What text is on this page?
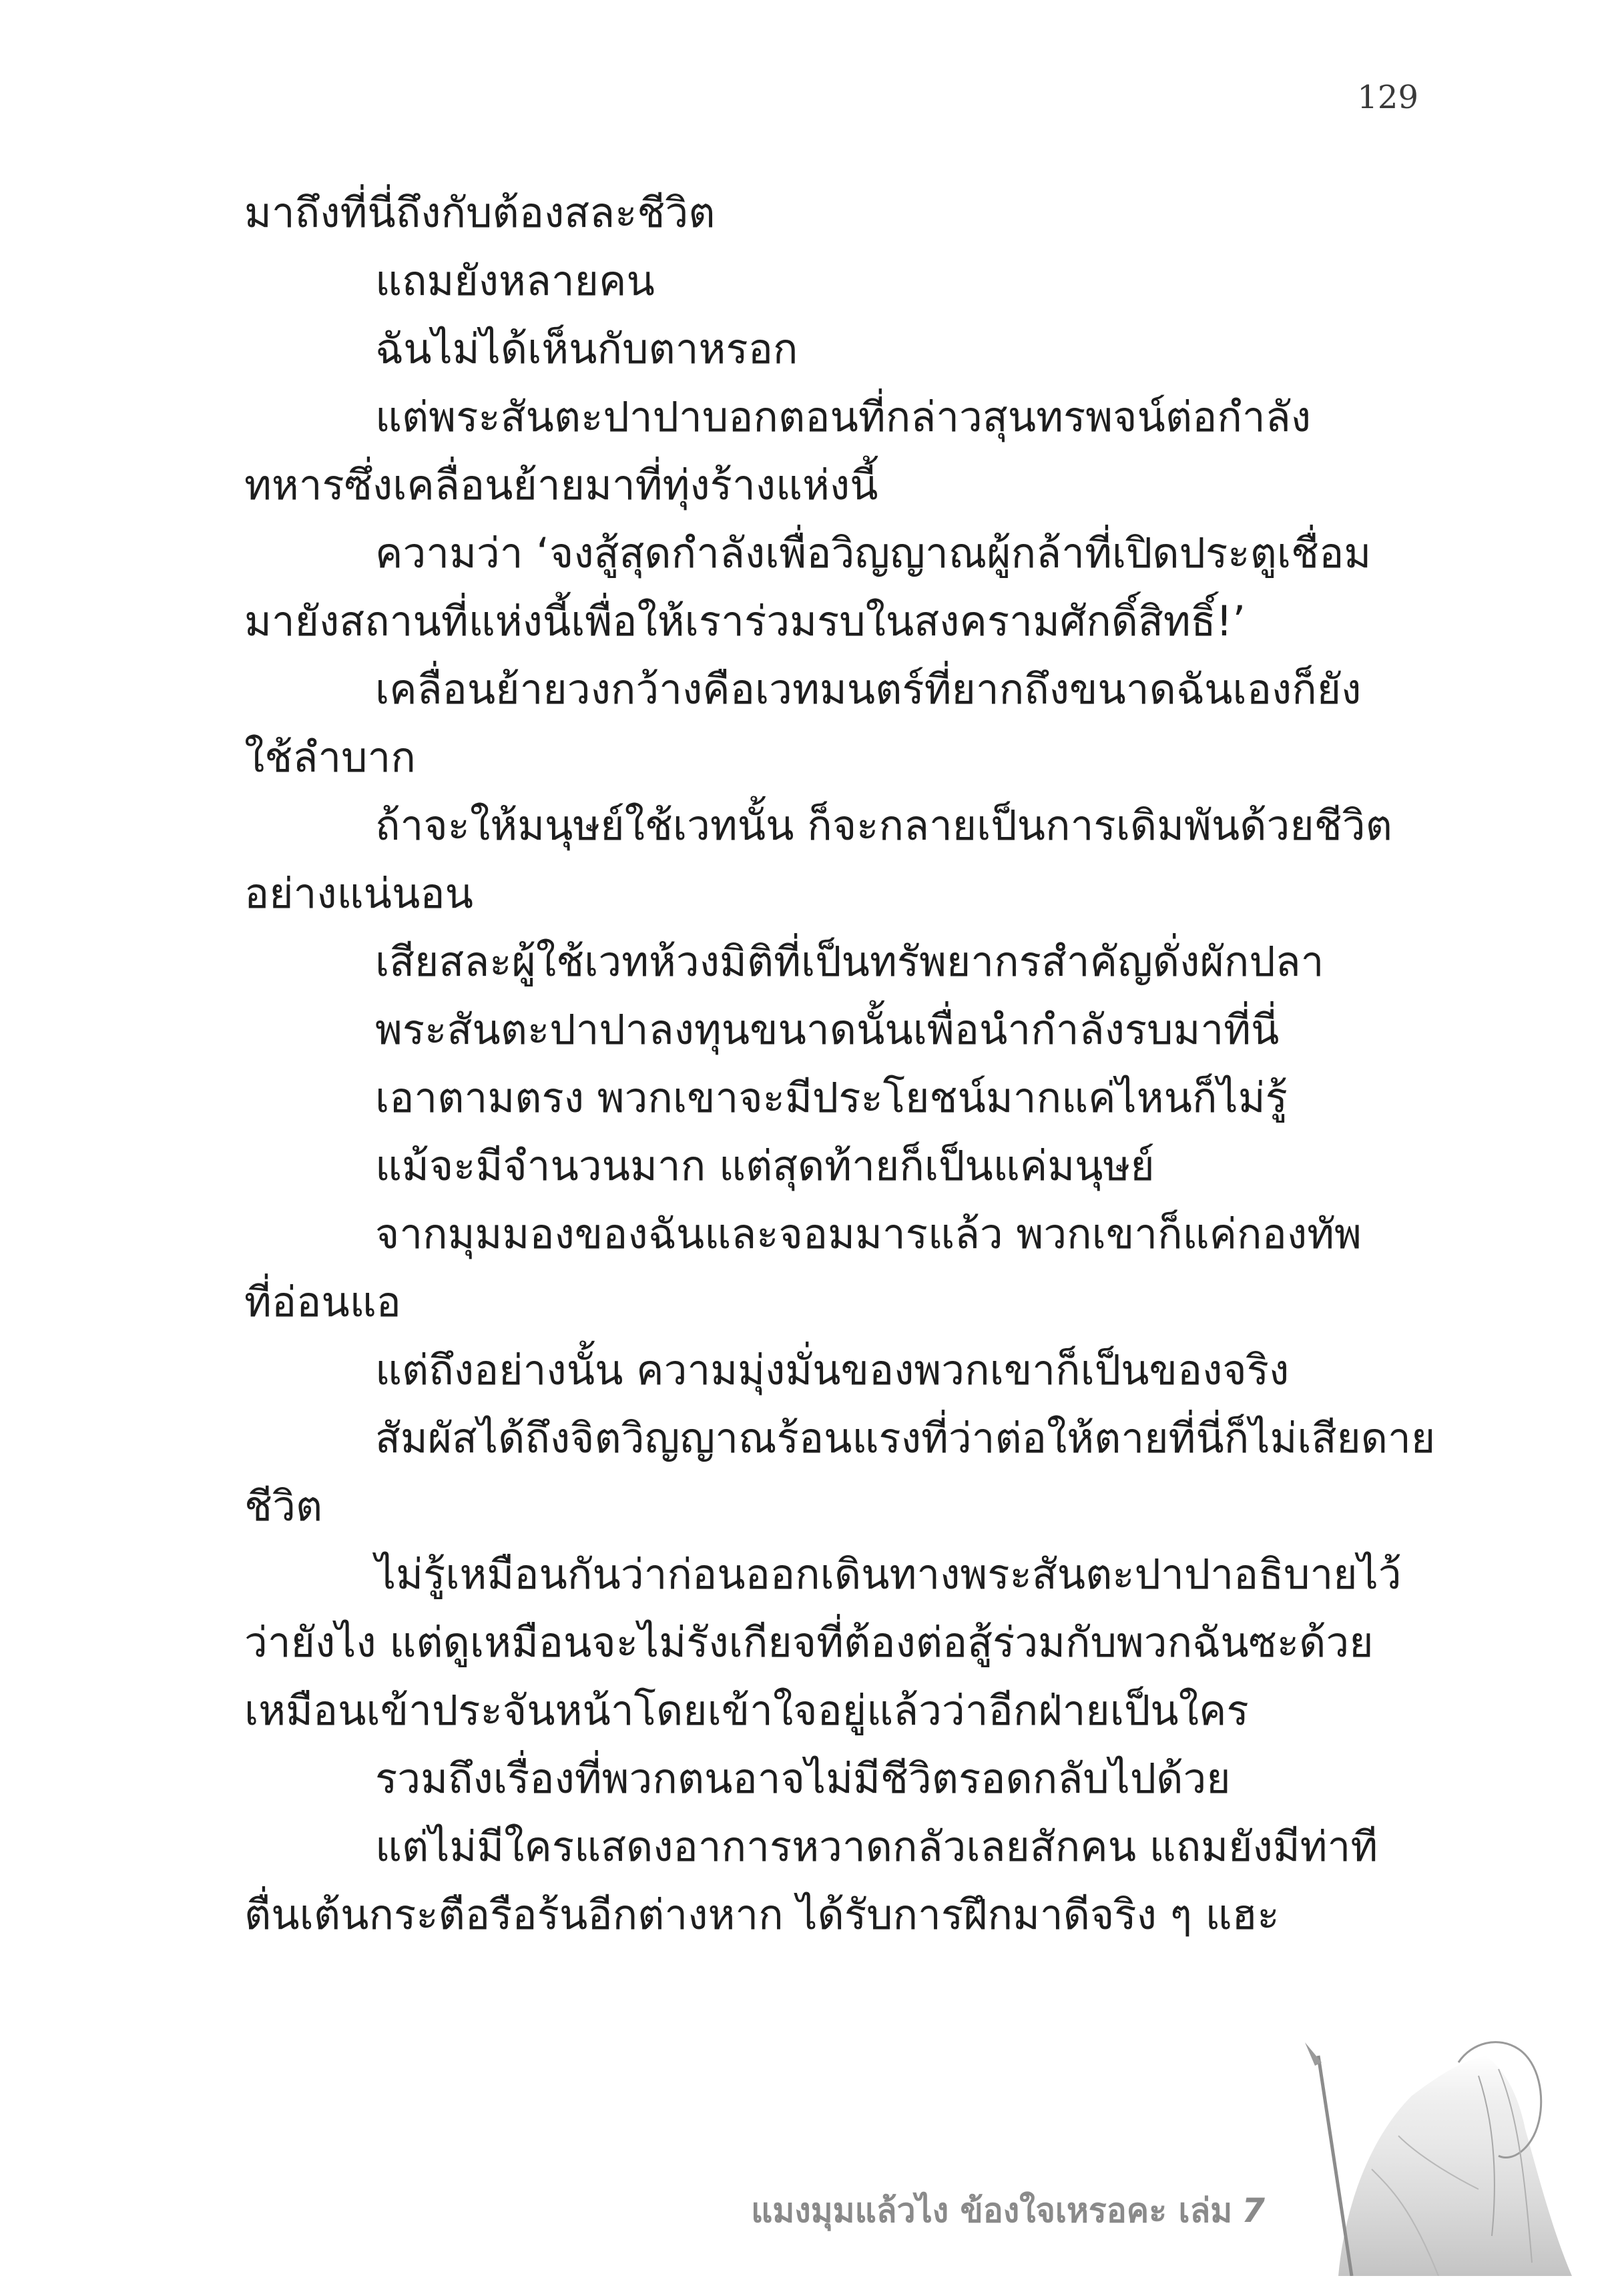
129
มาถึงที่นี่ถึงกับต้องสละชีวิต
แถมยังหลายคน
ฉันไม่ได้เห็นกับตาหรอก
แต่พระสันตะปาปาบอกตอนที่กล่าวสุนทรพจน์ต่อกำลัง
ทหารซึ่งเคลื่อนย้ายมาที่ทุ่งร้างแห่งนี้
ความว่า ‘จงสู้สุดกำลังเพื่อวิญญาณผู้กล้าที่เปิดประตูเชื่อม
มายังสถานที่แห่งนี้เพื่อให้เราร่วมรบในสงครามศักดิ์สิทธิ์!’
เคลื่อนย้ายวงกว้างคือเวทมนตร์ที่ยากถึงขนาดฉันเองก็ยัง
ใช้ลำบาก
ถ้าจะให้มนุษย์ใช้เวทนั้น ก็จะกลายเป็นการเดิมพันด้วยชีวิต
อย่างแน่นอน
เสียสละผู้ใช้เวทห้วงมิติที่เป็นทรัพยากรสำคัญดั่งผักปลา
พระสันตะปาปาลงทุนขนาดนั้นเพื่อนำกำลังรบมาที่นี่
เอาตามตรง พวกเขาจะมีประโยชน์มากแค่ไหนก็ไม่รู้
แม้จะมีจำนวนมาก แต่สุดท้ายก็เป็นแค่มนุษย์
จากมุมมองของฉันและจอมมารแล้ว พวกเขาก็แค่กองทัพ
ที่อ่อนแอ
แต่ถึงอย่างนั้น ความมุ่งมั่นของพวกเขาก็เป็นของจริง
สัมผัสได้ถึงจิตวิญญาณร้อนแรงที่ว่าต่อให้ตายที่นี่ก็ไม่เสียดาย
ชีวิต
ไม่รู้เหมือนกันว่าก่อนออกเดินทางพระสันตะปาปาอธิบายไว้
ว่ายังไง แต่ดูเหมือนจะไม่รังเกียจที่ต้องต่อสู้ร่วมกับพวกฉันซะด้วย
เหมือนเข้าประจันหน้าโดยเข้าใจอยู่แล้วว่าอีกฝ่ายเป็นใคร
รวมถึงเรื่องที่พวกตนอาจไม่มีชีวิตรอดกลับไปด้วย
แต่ไม่มีใครแสดงอาการหวาดกลัวเลยสักคน แถมยังมีท่าที
ตื่นเต้นกระตือรือร้นอีกต่างหาก ได้รับการฝึกมาดีจริง ๆ แฮะ
แมงมุมแล้วไง ข้องใจเหรอคะ เล่ม 7
